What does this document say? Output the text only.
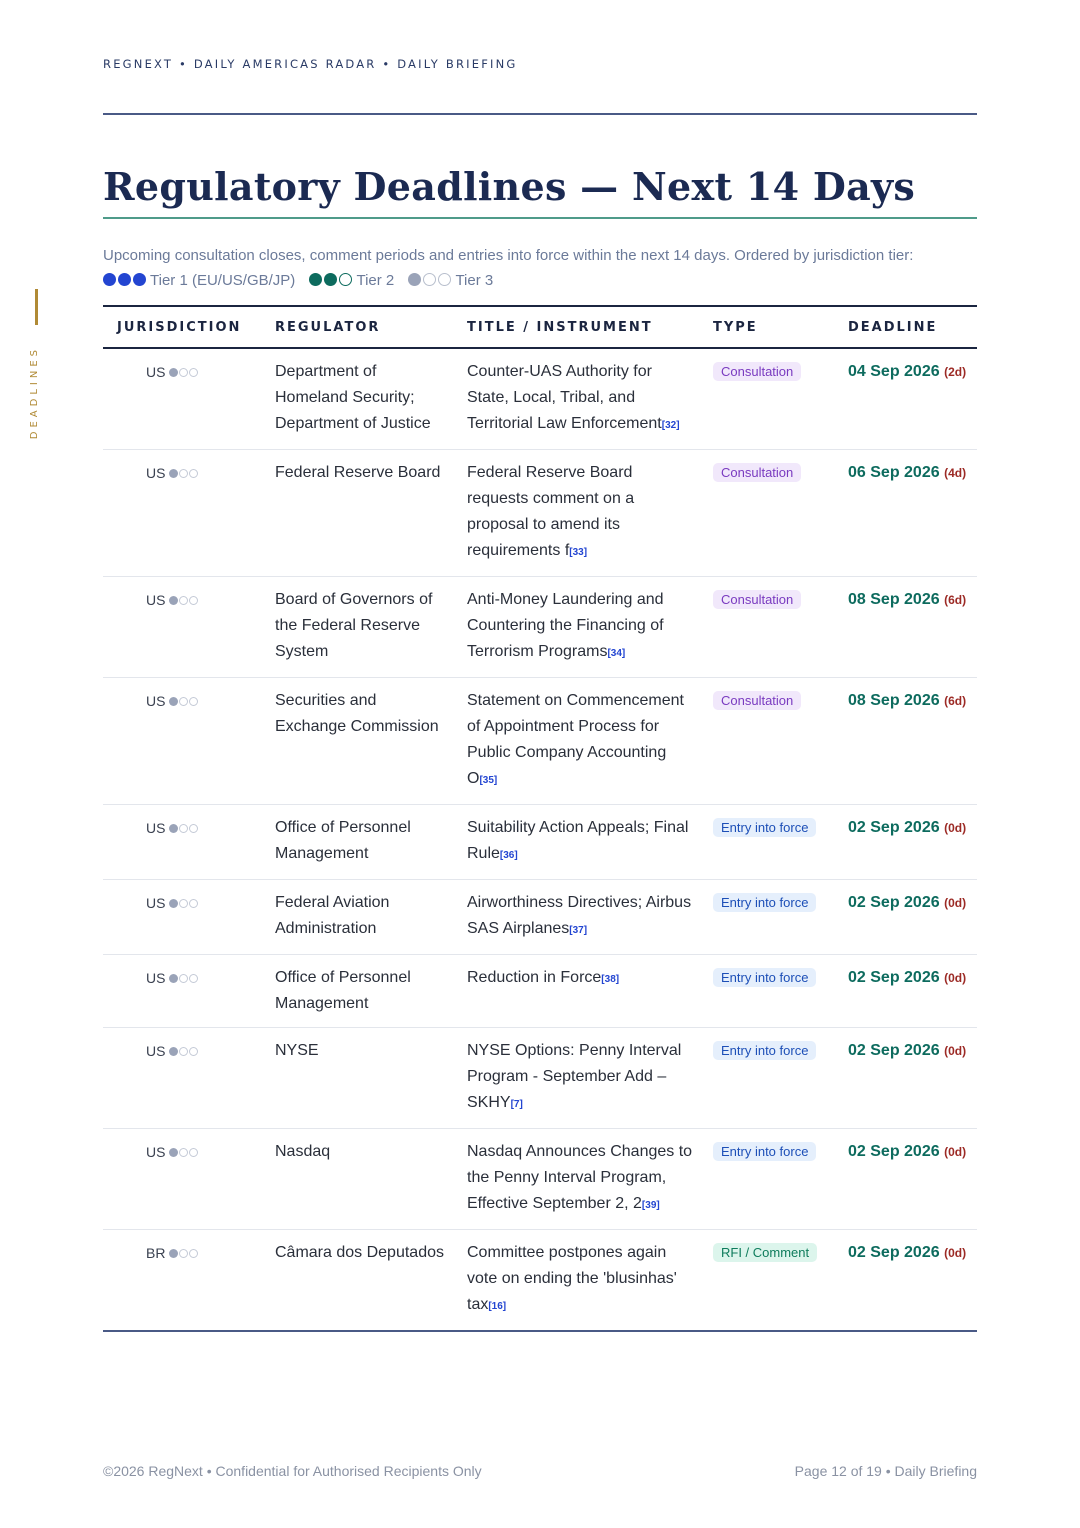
REGNEXT • DAILY AMERICAS RADAR • DAILY BRIEFING
DEADLINES
Regulatory Deadlines — Next 14 Days
Upcoming consultation closes, comment periods and entries into force within the next 14 days. Ordered by jurisdiction tier:
Tier 1 (EU/US/GB/JP)	Tier 2	Tier 3
JURISDICTION	REGULATOR	TITLE / INSTRUMENT	TYPE	DEADLINE
US	Department of Homeland Security; Department of Justice	Counter-UAS Authority for State, Local, Tribal, and Territorial Law Enforcement[32]	Consultation	04 Sep 2026 (2d)
US	Federal Reserve Board	Federal Reserve Board requests comment on a proposal to amend its requirements f[33]	Consultation	06 Sep 2026 (4d)
US	Board of Governors of the Federal Reserve System	Anti-Money Laundering and Countering the Financing of Terrorism Programs[34]	Consultation	08 Sep 2026 (6d)
US	Securities and Exchange Commission	Statement on Commencement of Appointment Process for Public Company Accounting O[35]	Consultation	08 Sep 2026 (6d)
US	Office of Personnel Management	Suitability Action Appeals; Final Rule[36]	Entry into force	02 Sep 2026 (0d)
US	Federal Aviation Administration	Airworthiness Directives; Airbus SAS Airplanes[37]	Entry into force	02 Sep 2026 (0d)
US	Office of Personnel Management	Reduction in Force[38]	Entry into force	02 Sep 2026 (0d)
US	NYSE	NYSE Options: Penny Interval Program - September Add – SKHY[7]	Entry into force	02 Sep 2026 (0d)
US	Nasdaq	Nasdaq Announces Changes to the Penny Interval Program, Effective September 2, 2[39]	Entry into force	02 Sep 2026 (0d)
BR	Câmara dos Deputados	Committee postpones again vote on ending the 'blusinhas' tax[16]	RFI / Comment	02 Sep 2026 (0d)
©2026 RegNext • Confidential for Authorised Recipients Only	Page 12 of 19 • Daily Briefing
